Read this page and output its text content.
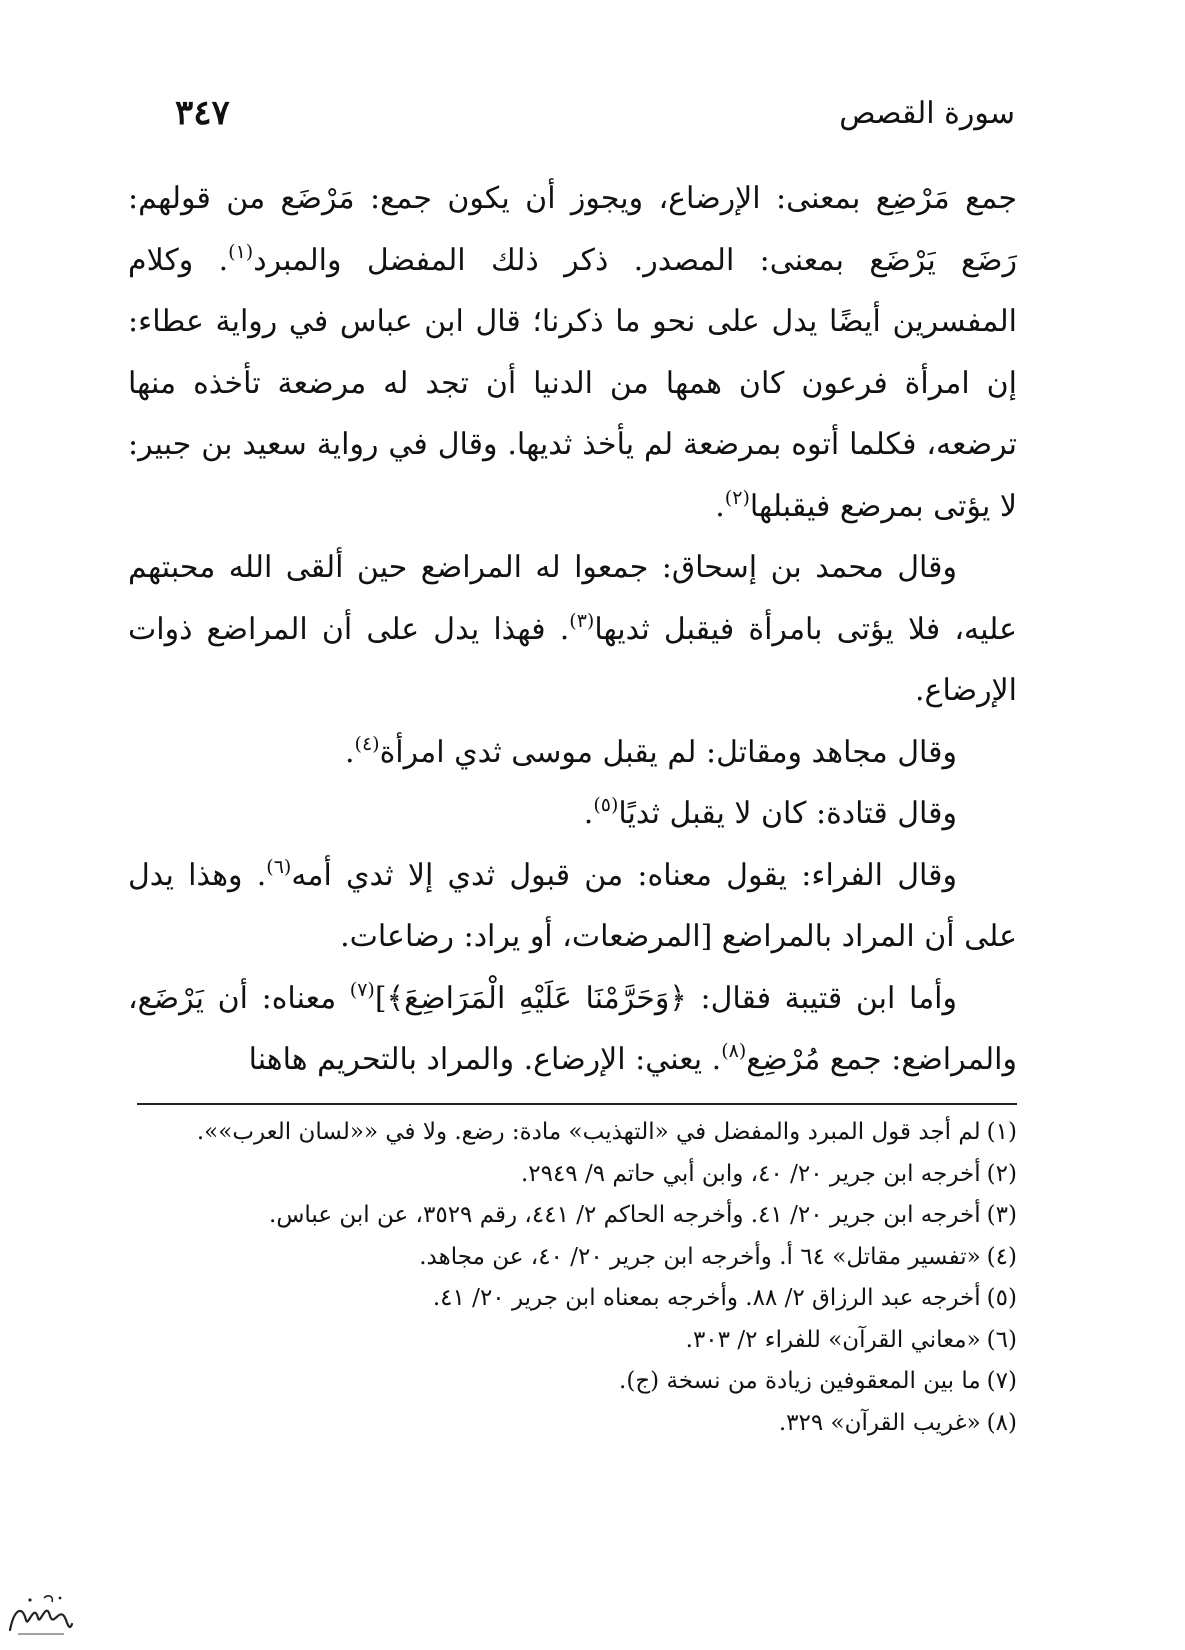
سورة القصص
٣٤٧

جمع مَرْضِع بمعنى: الإرضاع، ويجوز أن يكون جمع: مَرْضَع من قولهم: رَضَع يَرْضَع بمعنى: المصدر. ذكر ذلك المفضل والمبرد$^{(١)}$. وكلام المفسرين أيضًا يدل على نحو ما ذكرنا؛ قال ابن عباس في رواية عطاء: إن امرأة فرعون كان همها من الدنيا أن تجد له مرضعة تأخذه منها ترضعه، فكلما أتوه بمرضعة لم يأخذ ثديها. وقال في رواية سعيد بن جبير: لا يؤتى بمرضع فيقبلها$^{(٢)}$.

وقال محمد بن إسحاق: جمعوا له المراضع حين ألقى الله محبتهم عليه، فلا يؤتى بامرأة فيقبل ثديها$^{(٣)}$. فهذا يدل على أن المراضع ذوات الإرضاع.

وقال مجاهد ومقاتل: لم يقبل موسى ثدي امرأة$^{(٤)}$.

وقال قتادة: كان لا يقبل ثديًا$^{(٥)}$.

وقال الفراء: يقول معناه: من قبول ثدي إلا ثدي أمه$^{(٦)}$. وهذا يدل على أن المراد بالمراضع [المرضعات، أو يراد: رضاعات.

وأما ابن قتيبة فقال: ﴿وَحَرَّمْنَا عَلَيْهِ الْمَرَاضِعَ﴾]$^{(٧)}$ معناه: أن يَرْضَع، والمراضع: جمع مُرْضِع$^{(٨)}$. يعني: الإرضاع. والمراد بالتحريم هاهنا

(١)لم أجد قول المبرد والمفضل في «التهذيب» مادة: رضع. ولا في ««لسان العرب»».
(٢)أخرجه ابن جرير ٢٠/ ٤٠، وابن أبي حاتم ٩/ ٢٩٤٩.
(٣)أخرجه ابن جرير ٢٠/ ٤١. وأخرجه الحاكم ٢/ ٤٤١، رقم ٣٥٢٩، عن ابن عباس.
(٤)«تفسير مقاتل» ٦٤ أ. وأخرجه ابن جرير ٢٠/ ٤٠، عن مجاهد.
(٥)أخرجه عبد الرزاق ٢/ ٨٨. وأخرجه بمعناه ابن جرير ٢٠/ ٤١.
(٦)«معاني القرآن» للفراء ٢/ ٣٠٣.
(٧)ما بين المعقوفين زيادة من نسخة (ج).
(٨)«غريب القرآن» ٣٢٩.
